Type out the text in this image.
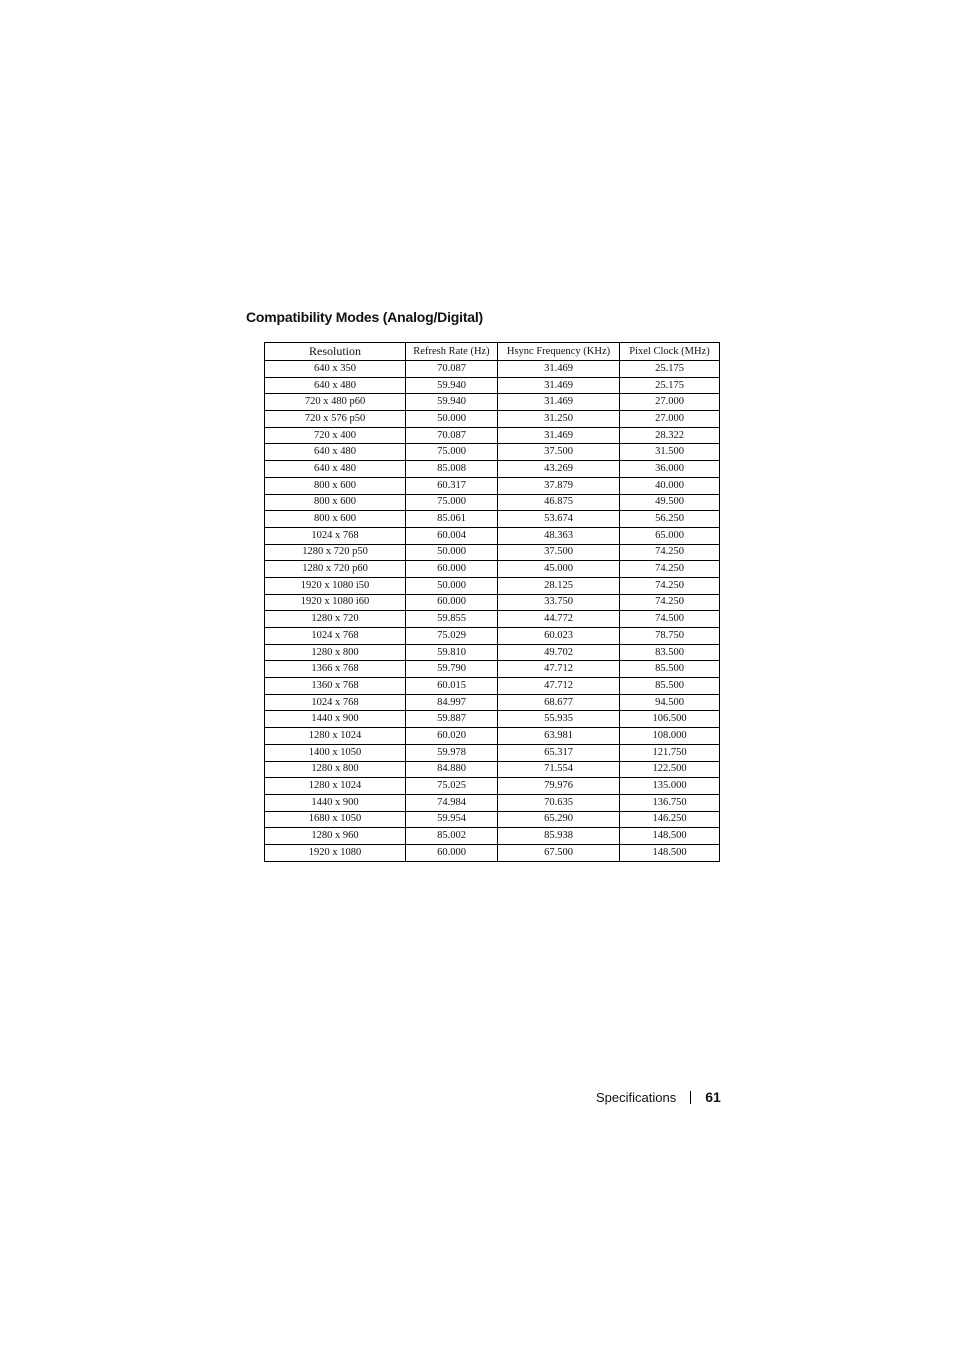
Compatibility Modes (Analog/Digital)
Resolution	Refresh Rate (Hz)	Hsync Frequency (KHz)	Pixel Clock (MHz)
640 x 350	70.087	31.469	25.175
640 x 480	59.940	31.469	25.175
720 x 480 p60	59.940	31.469	27.000
720 x 576 p50	50.000	31.250	27.000
720 x 400	70.087	31.469	28.322
640 x 480	75.000	37.500	31.500
640 x 480	85.008	43.269	36.000
800 x 600	60.317	37.879	40.000
800 x 600	75.000	46.875	49.500
800 x 600	85.061	53.674	56.250
1024 x 768	60.004	48.363	65.000
1280 x 720 p50	50.000	37.500	74.250
1280 x 720 p60	60.000	45.000	74.250
1920 x 1080 i50	50.000	28.125	74.250
1920 x 1080 i60	60.000	33.750	74.250
1280 x 720	59.855	44.772	74.500
1024 x 768	75.029	60.023	78.750
1280 x 800	59.810	49.702	83.500
1366 x 768	59.790	47.712	85.500
1360 x 768	60.015	47.712	85.500
1024 x 768	84.997	68.677	94.500
1440 x 900	59.887	55.935	106.500
1280 x 1024	60.020	63.981	108.000
1400 x 1050	59.978	65.317	121.750
1280 x 800	84.880	71.554	122.500
1280 x 1024	75.025	79.976	135.000
1440 x 900	74.984	70.635	136.750
1680 x 1050	59.954	65.290	146.250
1280 x 960	85.002	85.938	148.500
1920 x 1080	60.000	67.500	148.500
Specifications 61
